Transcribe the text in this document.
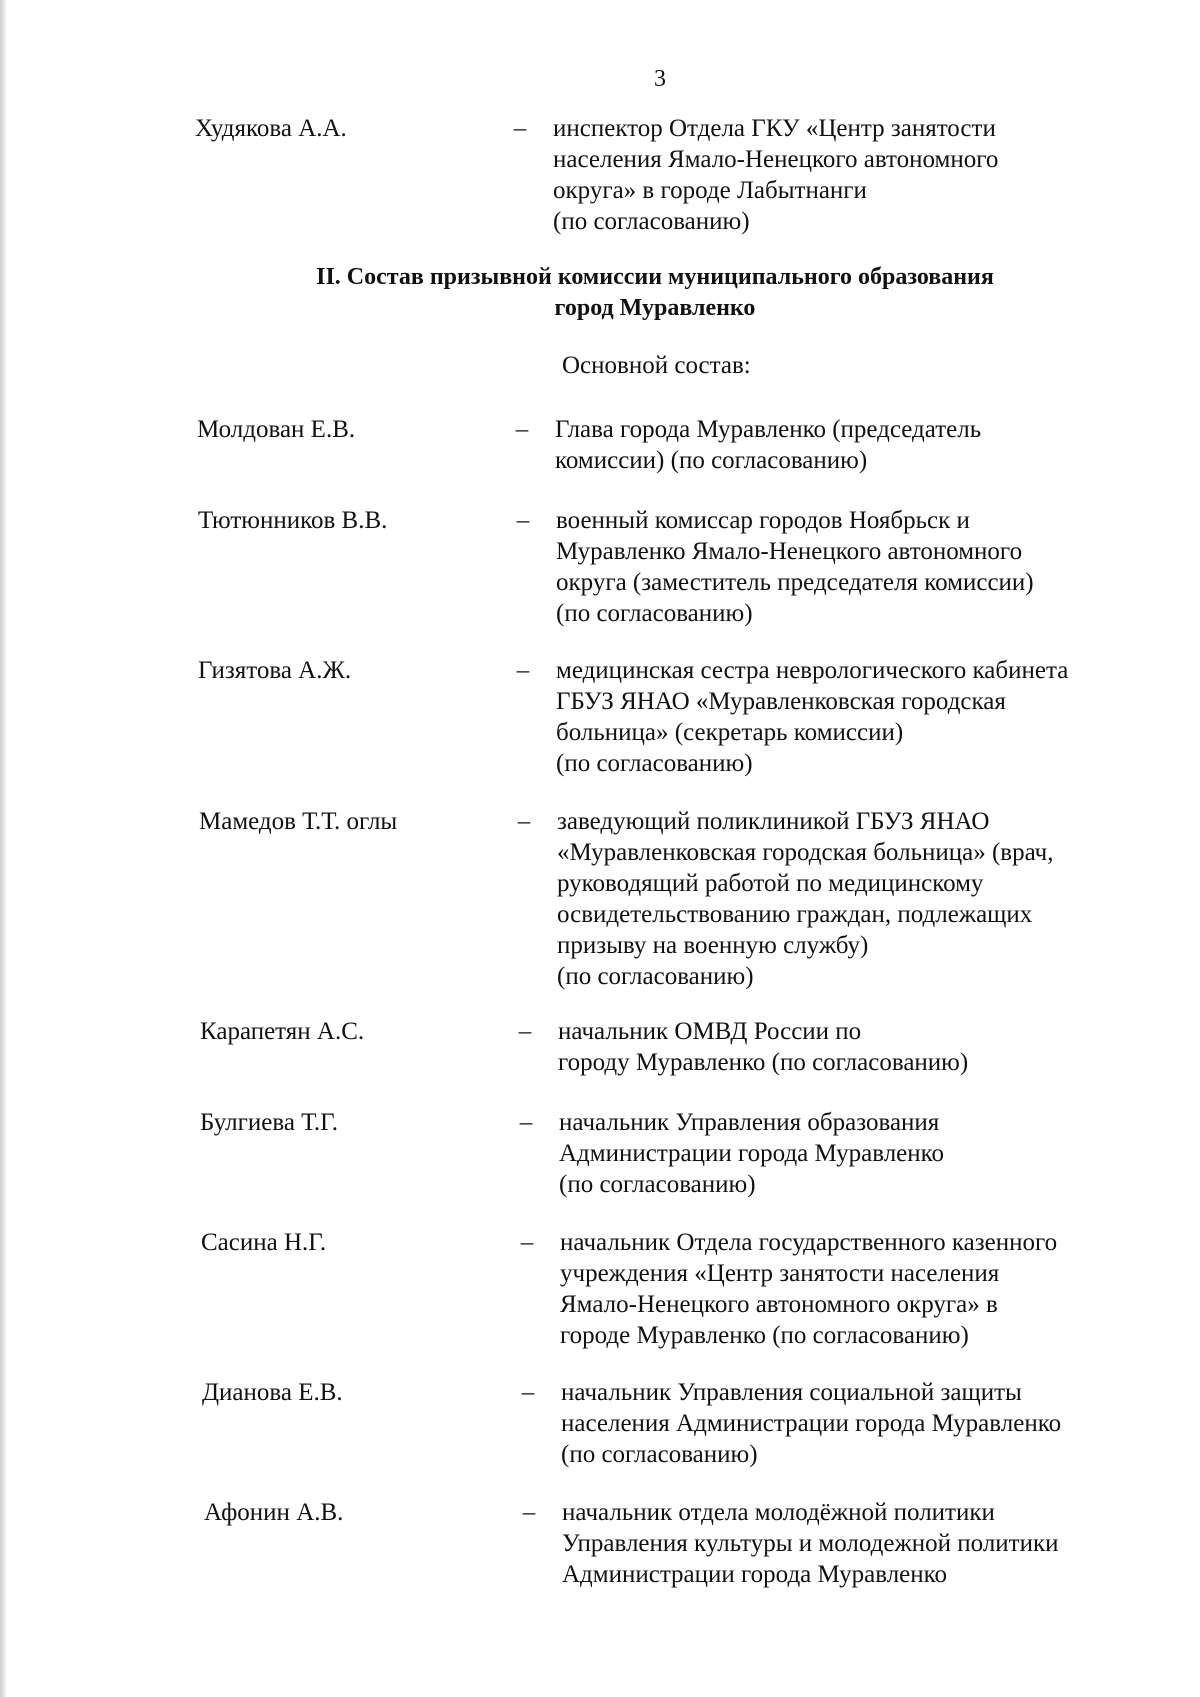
3
Худякова А.А.	– инспектор Отдела ГКУ «Центр занятости
населения Ямало-Ненецкого автономного
округа» в городе Лабытнанги
(по согласованию)
II. Состав призывной комиссии муниципального образования
город Муравленко
Основной состав:
Молдован Е.В.	– Глава города Муравленко (председатель
комиссии) (по согласованию)
Тютюнников В.В.	– военный комиссар городов Ноябрьск и
Муравленко Ямало-Ненецкого автономного
округа (заместитель председателя комиссии)
(по согласованию)
Гизятова А.Ж.	– медицинская сестра неврологического кабинета
ГБУЗ ЯНАО «Муравленковская городская
больница» (секретарь комиссии)
(по согласованию)
Мамедов Т.Т. оглы	– заведующий поликлиникой ГБУЗ ЯНАО
«Муравленковская городская больница» (врач,
руководящий работой по медицинскому
освидетельствованию граждан, подлежащих
призыву на военную службу)
(по согласованию)
Карапетян А.С.	– начальник ОМВД России по
городу Муравленко (по согласованию)
Булгиева Т.Г.	– начальник Управления образования
Администрации города Муравленко
(по согласованию)
Сасина Н.Г.	– начальник Отдела государственного казенного
учреждения «Центр занятости населения
Ямало-Ненецкого автономного округа» в
городе Муравленко (по согласованию)
Дианова Е.В.	– начальник Управления социальной защиты
населения Администрации города Муравленко
(по согласованию)
Афонин А.В.	– начальник отдела молодёжной политики
Управления культуры и молодежной политики
Администрации города Муравленко
